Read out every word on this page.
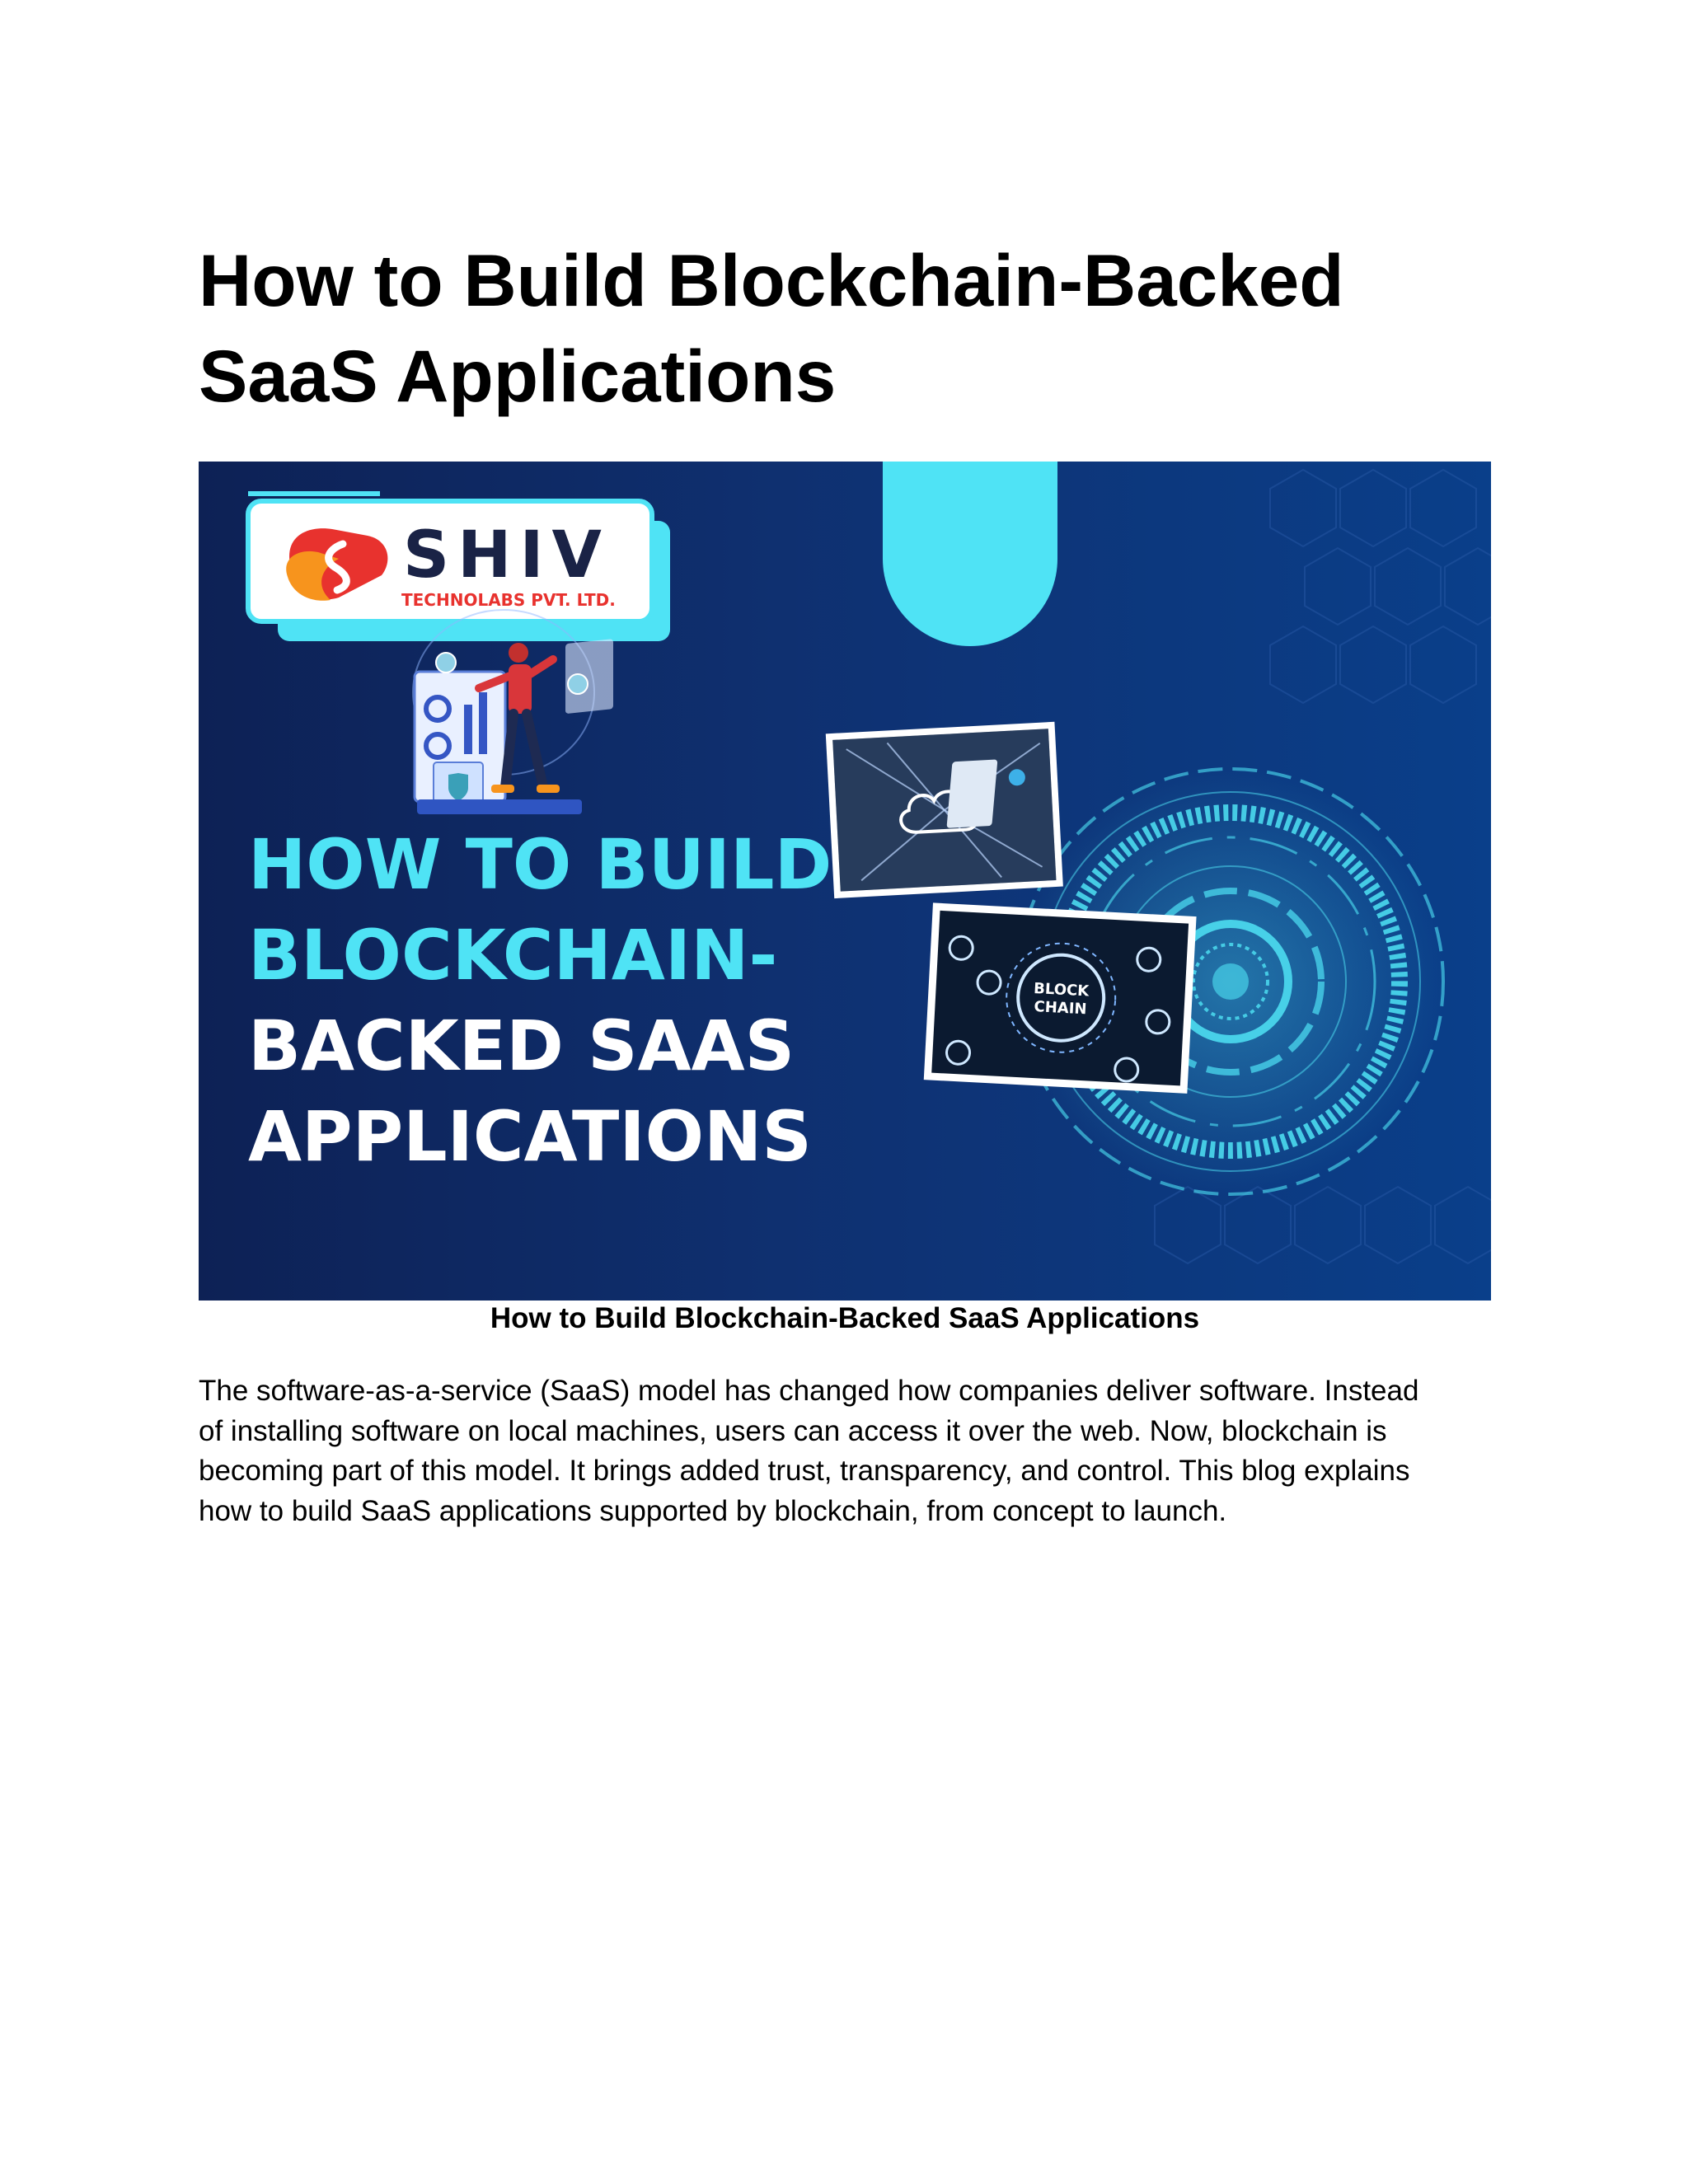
How to Build Blockchain-Backed
SaaS Applications
SHIV
TECHNOLABS PVT. LTD.
HOW TO BUILD
BLOCKCHAIN-
BACKED SAAS
APPLICATIONS
BLOCK
CHAIN
How to Build Blockchain-Backed SaaS Applications
The software-as-a-service (SaaS) model has changed how companies deliver software. Instead
of installing software on local machines, users can access it over the web. Now, blockchain is
becoming part of this model. It brings added trust, transparency, and control. This blog explains
how to build SaaS applications supported by blockchain, from concept to launch.
